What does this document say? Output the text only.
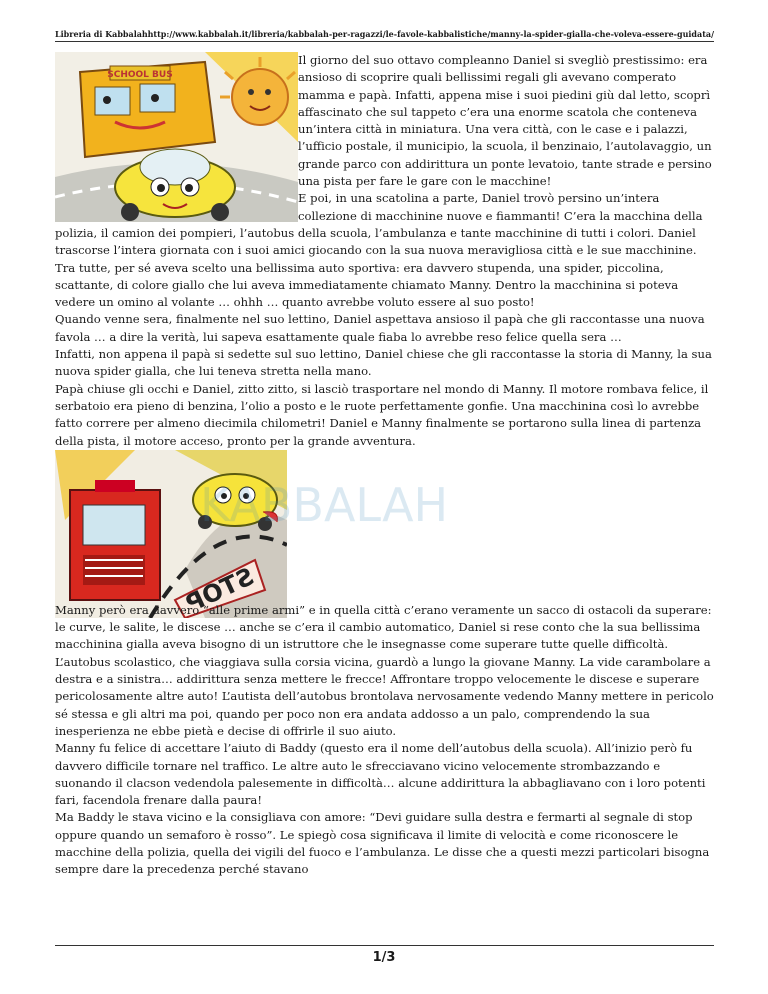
Libreria di Kabbalah http://www.kabbalah.it/libreria/kabbalah-per-ragazzi/le-favole-kabbalistiche/manny-la-spider-gialla-che-voleva-essere-guidata/
SCHOOL BUS

Il giorno del suo ottavo compleanno Daniel si svegliò prestissimo: era ansioso di scoprire quali bellissimi regali gli avevano comperato mamma e papà. Infatti, appena mise i suoi piedini giù dal letto, scoprì affascinato che sul tappeto c’era una enorme scatola che conteneva un’intera città in miniatura. Una vera città, con le case e i palazzi, l’ufficio postale, il municipio, la scuola, il benzinaio, l’autolavaggio, un grande parco con addirittura un ponte levatoio, tante strade e persino una pista per fare le gare con le macchine!

E poi, in una scatolina a parte, Daniel trovò persino un’intera collezione di macchinine nuove e fiammanti! C’era la macchina della polizia, il camion dei pompieri, l’autobus della scuola, l’ambulanza e tante macchinine di tutti i colori. Daniel trascorse l’intera giornata con i suoi amici giocando con la sua nuova meravigliosa città e le sue macchinine. Tra tutte, per sé aveva scelto una bellissima auto sportiva: era davvero stupenda, una spider, piccolina, scattante, di colore giallo che lui aveva immediatamente chiamato Manny. Dentro la macchinina si poteva vedere un omino al volante … ohhh … quanto avrebbe voluto essere al suo posto!

Quando venne sera, finalmente nel suo lettino, Daniel aspettava ansioso il papà che gli raccontasse una nuova favola … a dire la verità, lui sapeva esattamente quale fiaba lo avrebbe reso felice quella sera …

Infatti, non appena il papà si sedette sul suo lettino, Daniel chiese che gli raccontasse la storia di Manny, la sua nuova spider gialla, che lui teneva stretta nella mano.

Papà chiuse gli occhi e Daniel, zitto zitto, si lasciò trasportare nel mondo di Manny. Il motore rombava felice, il serbatoio era pieno di benzina, l’olio a posto e le ruote perfettamente gonfie. Una macchinina così lo avrebbe fatto correre per almeno diecimila chilometri! Daniel e Manny finalmente se portarono sulla linea di partenza della pista, il motore acceso, pronto per la grande avventura.

STOP

Manny però era davvero “alle prime armi” e in quella città c’erano veramente un sacco di ostacoli da superare: le curve, le salite, le discese … anche se c’era il cambio automatico, Daniel si rese conto che la sua bellissima macchinina gialla aveva bisogno di un istruttore che le insegnasse come superare tutte quelle difficoltà.

L’autobus scolastico, che viaggiava sulla corsia vicina, guardò a lungo la giovane Manny. La vide carambolare a destra e a sinistra… addirittura senza mettere le frecce! Affrontare troppo velocemente le discese e superare pericolosamente altre auto! L’autista dell’autobus brontolava nervosamente vedendo Manny mettere in pericolo sé stessa e gli altri ma poi, quando per poco non era andata addosso a un palo, comprendendo la sua inesperienza ne ebbe pietà e decise di offrirle il suo aiuto.

Manny fu felice di accettare l’aiuto di Baddy (questo era il nome dell’autobus della scuola). All’inizio però fu davvero difficile tornare nel traffico. Le altre auto le sfrecciavano vicino velocemente strombazzando e suonando il clacson vedendola palesemente in difficoltà… alcune addirittura la abbagliavano con i loro potenti fari, facendola frenare dalla paura!

Ma Baddy le stava vicino e la consigliava con amore: “Devi guidare sulla destra e fermarti al segnale di stop oppure quando un semaforo è rosso”. Le spiegò cosa significava il limite di velocità e come riconoscere le macchine della polizia, quella dei vigili del fuoco e l’ambulanza. Le disse che a questi mezzi particolari bisogna sempre dare la precedenza perché stavano

KABBALAH
1/3
